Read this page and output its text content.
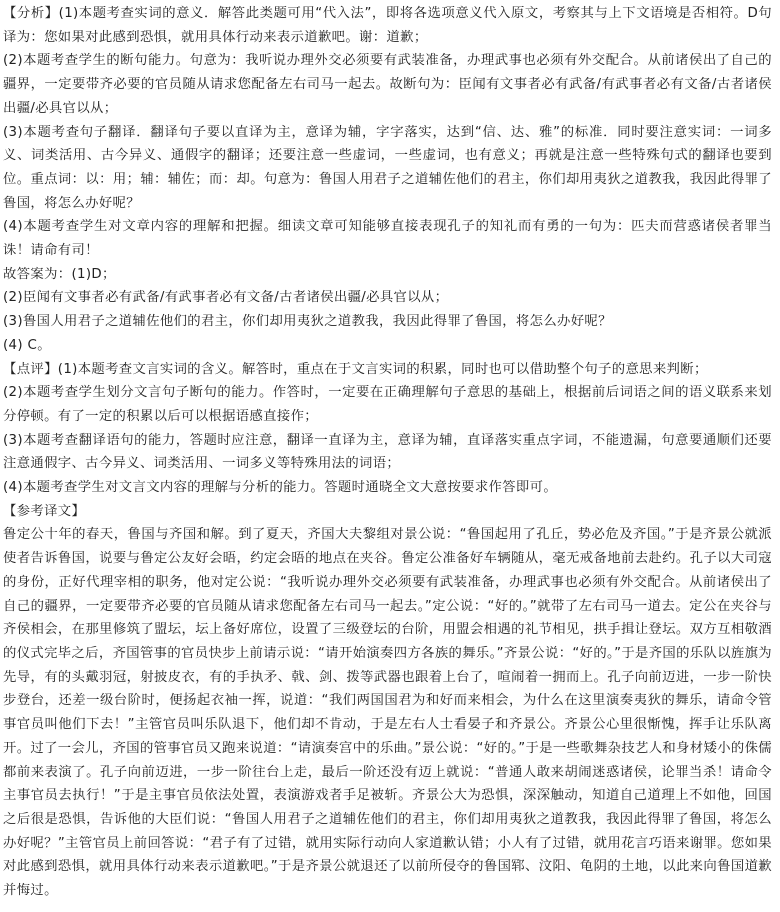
【分析】(1)本题考查实词的意义．解答此类题可用“代入法”，即将各选项意义代入原文，考察其与上下文语境是否相符。D句译为：您如果对此感到恐惧，就用具体行动来表示道歉吧。谢：道歉；

(2)本题考查学生的断句能力。句意为：我听说办理外交必须要有武装准备，办理武事也必须有外交配合。从前诸侯出了自己的疆界，一定要带齐必要的官员随从请求您配备左右司马一起去。故断句为：臣闻有文事者必有武备/有武事者必有文备/古者诸侯出疆/必具官以从；

(3)本题考查句子翻译．翻译句子要以直译为主，意译为辅，字字落实，达到“信、达、雅”的标准．同时要注意实词：一词多义、词类活用、古今异义、通假字的翻译；还要注意一些虚词，一些虚词，也有意义；再就是注意一些特殊句式的翻译也要到位。重点词：以：用；辅：辅佐；而：却。句意为：鲁国人用君子之道辅佐他们的君主，你们却用夷狄之道教我，我因此得罪了鲁国，将怎么办好呢？

(4)本题考查学生对文章内容的理解和把握。细读文章可知能够直接表现孔子的知礼而有勇的一句为：匹夫而营惑诸侯者罪当诛！请命有司！

故答案为：(1)D；

(2)臣闻有文事者必有武备/有武事者必有文备/古者诸侯出疆/必具官以从；

(3)鲁国人用君子之道辅佐他们的君主，你们却用夷狄之道教我，我因此得罪了鲁国，将怎么办好呢？

(4) C。

【点评】(1)本题考查文言实词的含义。解答时，重点在于文言实词的积累，同时也可以借助整个句子的意思来判断；

(2)本题考查学生划分文言句子断句的能力。作答时，一定要在正确理解句子意思的基础上，根据前后词语之间的语义联系来划分停顿。有了一定的积累以后可以根据语感直接作；

(3)本题考查翻译语句的能力，答题时应注意，翻译一直译为主，意译为辅，直译落实重点字词，不能遗漏，句意要通顺们还要注意通假字、古今异义、词类活用、一词多义等特殊用法的词语；

(4)本题考查学生对文言文内容的理解与分析的能力。答题时通晓全文大意按要求作答即可。

【参考译文】

鲁定公十年的春天，鲁国与齐国和解。到了夏天，齐国大夫黎组对景公说：“鲁国起用了孔丘，势必危及齐国。”于是齐景公就派使者告诉鲁国，说要与鲁定公友好会晤，约定会晤的地点在夹谷。鲁定公准备好车辆随从，毫无戒备地前去赴约。孔子以大司寇的身份，正好代理宰相的职务，他对定公说：“我听说办理外交必须要有武装准备，办理武事也必须有外交配合。从前诸侯出了自己的疆界，一定要带齐必要的官员随从请求您配备左右司马一起去。”定公说：“好的。”就带了左右司马一道去。定公在夹谷与齐侯相会，在那里修筑了盟坛，坛上备好席位，设置了三级登坛的台阶，用盟会相遇的礼节相见，拱手揖让登坛。双方互相敬酒的仪式完毕之后，齐国管事的官员快步上前请示说：“请开始演奏四方各族的舞乐。”齐景公说：“好的。”于是齐国的乐队以旌旗为先导，有的头戴羽冠，射披皮衣，有的手执矛、戟、剑、拨等武器也跟着上台了，喧闹着一拥而上。孔子向前迈进，一步一阶快步登台，还差一级台阶时，便扬起衣袖一挥，说道：“我们两国国君为和好而来相会，为什么在这里演奏夷狄的舞乐，请命令管事官员叫他们下去！”主管官员叫乐队退下，他们却不肯动，于是左右人士看晏子和齐景公。齐景公心里很惭愧，挥手让乐队离开。过了一会儿，齐国的管事官员又跑来说道：“请演奏宫中的乐曲。”景公说：“好的。”于是一些歌舞杂技艺人和身材矮小的侏儒都前来表演了。孔子向前迈进，一步一阶往台上走，最后一阶还没有迈上就说：“普通人敢来胡闹迷惑诸侯，论罪当杀！请命令主事官员去执行！”于是主事官员依法处置，表演游戏者手足被斩。齐景公大为恐惧，深深触动，知道自己道理上不如他，回国之后很是恐惧，告诉他的大臣们说：“鲁国人用君子之道辅佐他们的君主，你们却用夷狄之道教我，我因此得罪了鲁国，将怎么办好呢？”主管官员上前回答说：“君子有了过错，就用实际行动向人家道歉认错；小人有了过错，就用花言巧语来谢罪。您如果对此感到恐惧，就用具体行动来表示道歉吧。”于是齐景公就退还了以前所侵夺的鲁国郓、汶阳、龟阴的土地，以此来向鲁国道歉并悔过。
